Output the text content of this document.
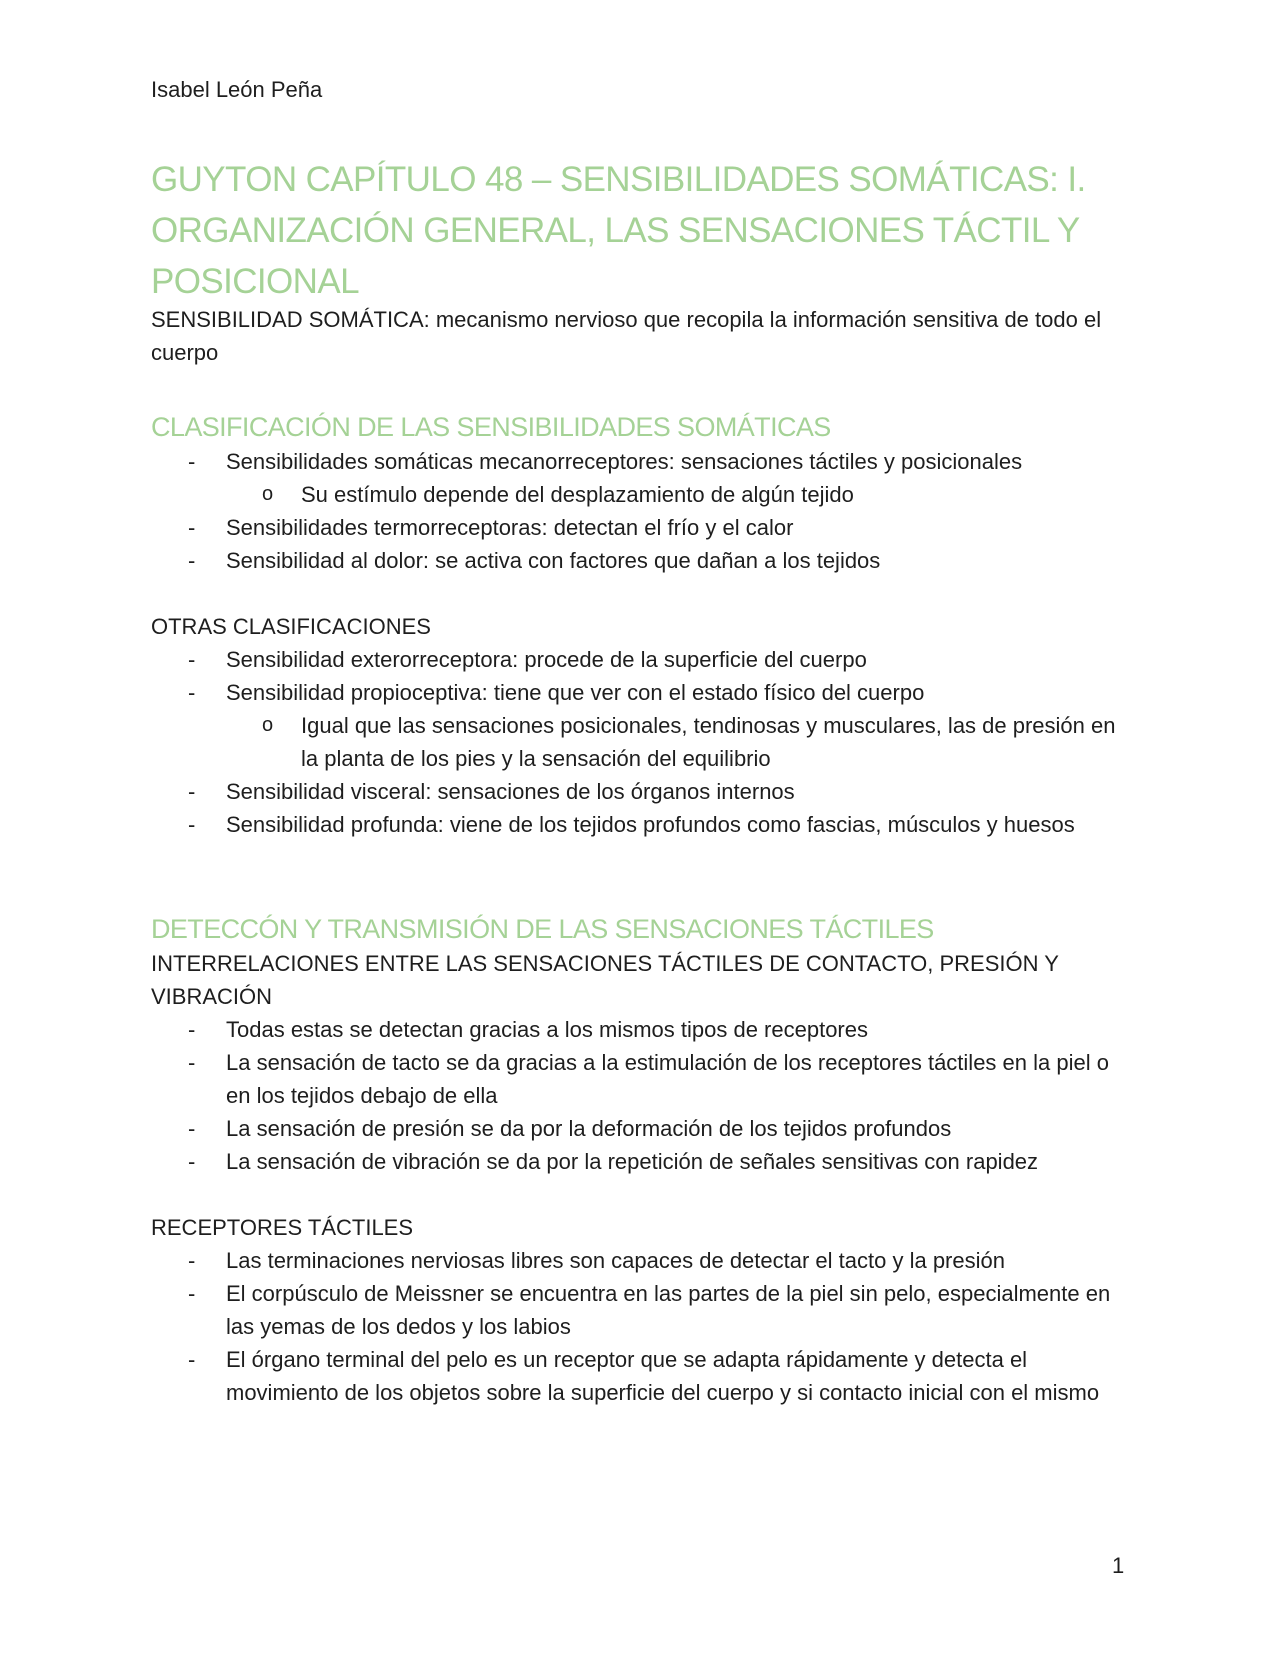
Isabel León Peña
GUYTON CAPÍTULO 48 – SENSIBILIDADES SOMÁTICAS: I. ORGANIZACIÓN GENERAL, LAS SENSACIONES TÁCTIL Y POSICIONAL

SENSIBILIDAD SOMÁTICA: mecanismo nervioso que recopila la información sensitiva de todo el cuerpo

CLASIFICACIÓN DE LAS SENSIBILIDADES SOMÁTICAS
- Sensibilidades somáticas mecanorreceptores: sensaciones táctiles y posicionales
o Su estímulo depende del desplazamiento de algún tejido
- Sensibilidades termorreceptoras: detectan el frío y el calor
- Sensibilidad al dolor: se activa con factores que dañan a los tejidos

OTRAS CLASIFICACIONES

- Sensibilidad exterorreceptora: procede de la superficie del cuerpo
- Sensibilidad propioceptiva: tiene que ver con el estado físico del cuerpo
o Igual que las sensaciones posicionales, tendinosas y musculares, las de presión en la planta de los pies y la sensación del equilibrio
- Sensibilidad visceral: sensaciones de los órganos internos
- Sensibilidad profunda: viene de los tejidos profundos como fascias, músculos y huesos
DETECCÓN Y TRANSMISIÓN DE LAS SENSACIONES TÁCTILES

INTERRELACIONES ENTRE LAS SENSACIONES TÁCTILES DE CONTACTO, PRESIÓN Y VIBRACIÓN

- Todas estas se detectan gracias a los mismos tipos de receptores
- La sensación de tacto se da gracias a la estimulación de los receptores táctiles en la piel o en los tejidos debajo de ella
- La sensación de presión se da por la deformación de los tejidos profundos
- La sensación de vibración se da por la repetición de señales sensitivas con rapidez

RECEPTORES TÁCTILES

- Las terminaciones nerviosas libres son capaces de detectar el tacto y la presión
- El corpúsculo de Meissner se encuentra en las partes de la piel sin pelo, especialmente en las yemas de los dedos y los labios
- El órgano terminal del pelo es un receptor que se adapta rápidamente y detecta el movimiento de los objetos sobre la superficie del cuerpo y si contacto inicial con el mismo
1
